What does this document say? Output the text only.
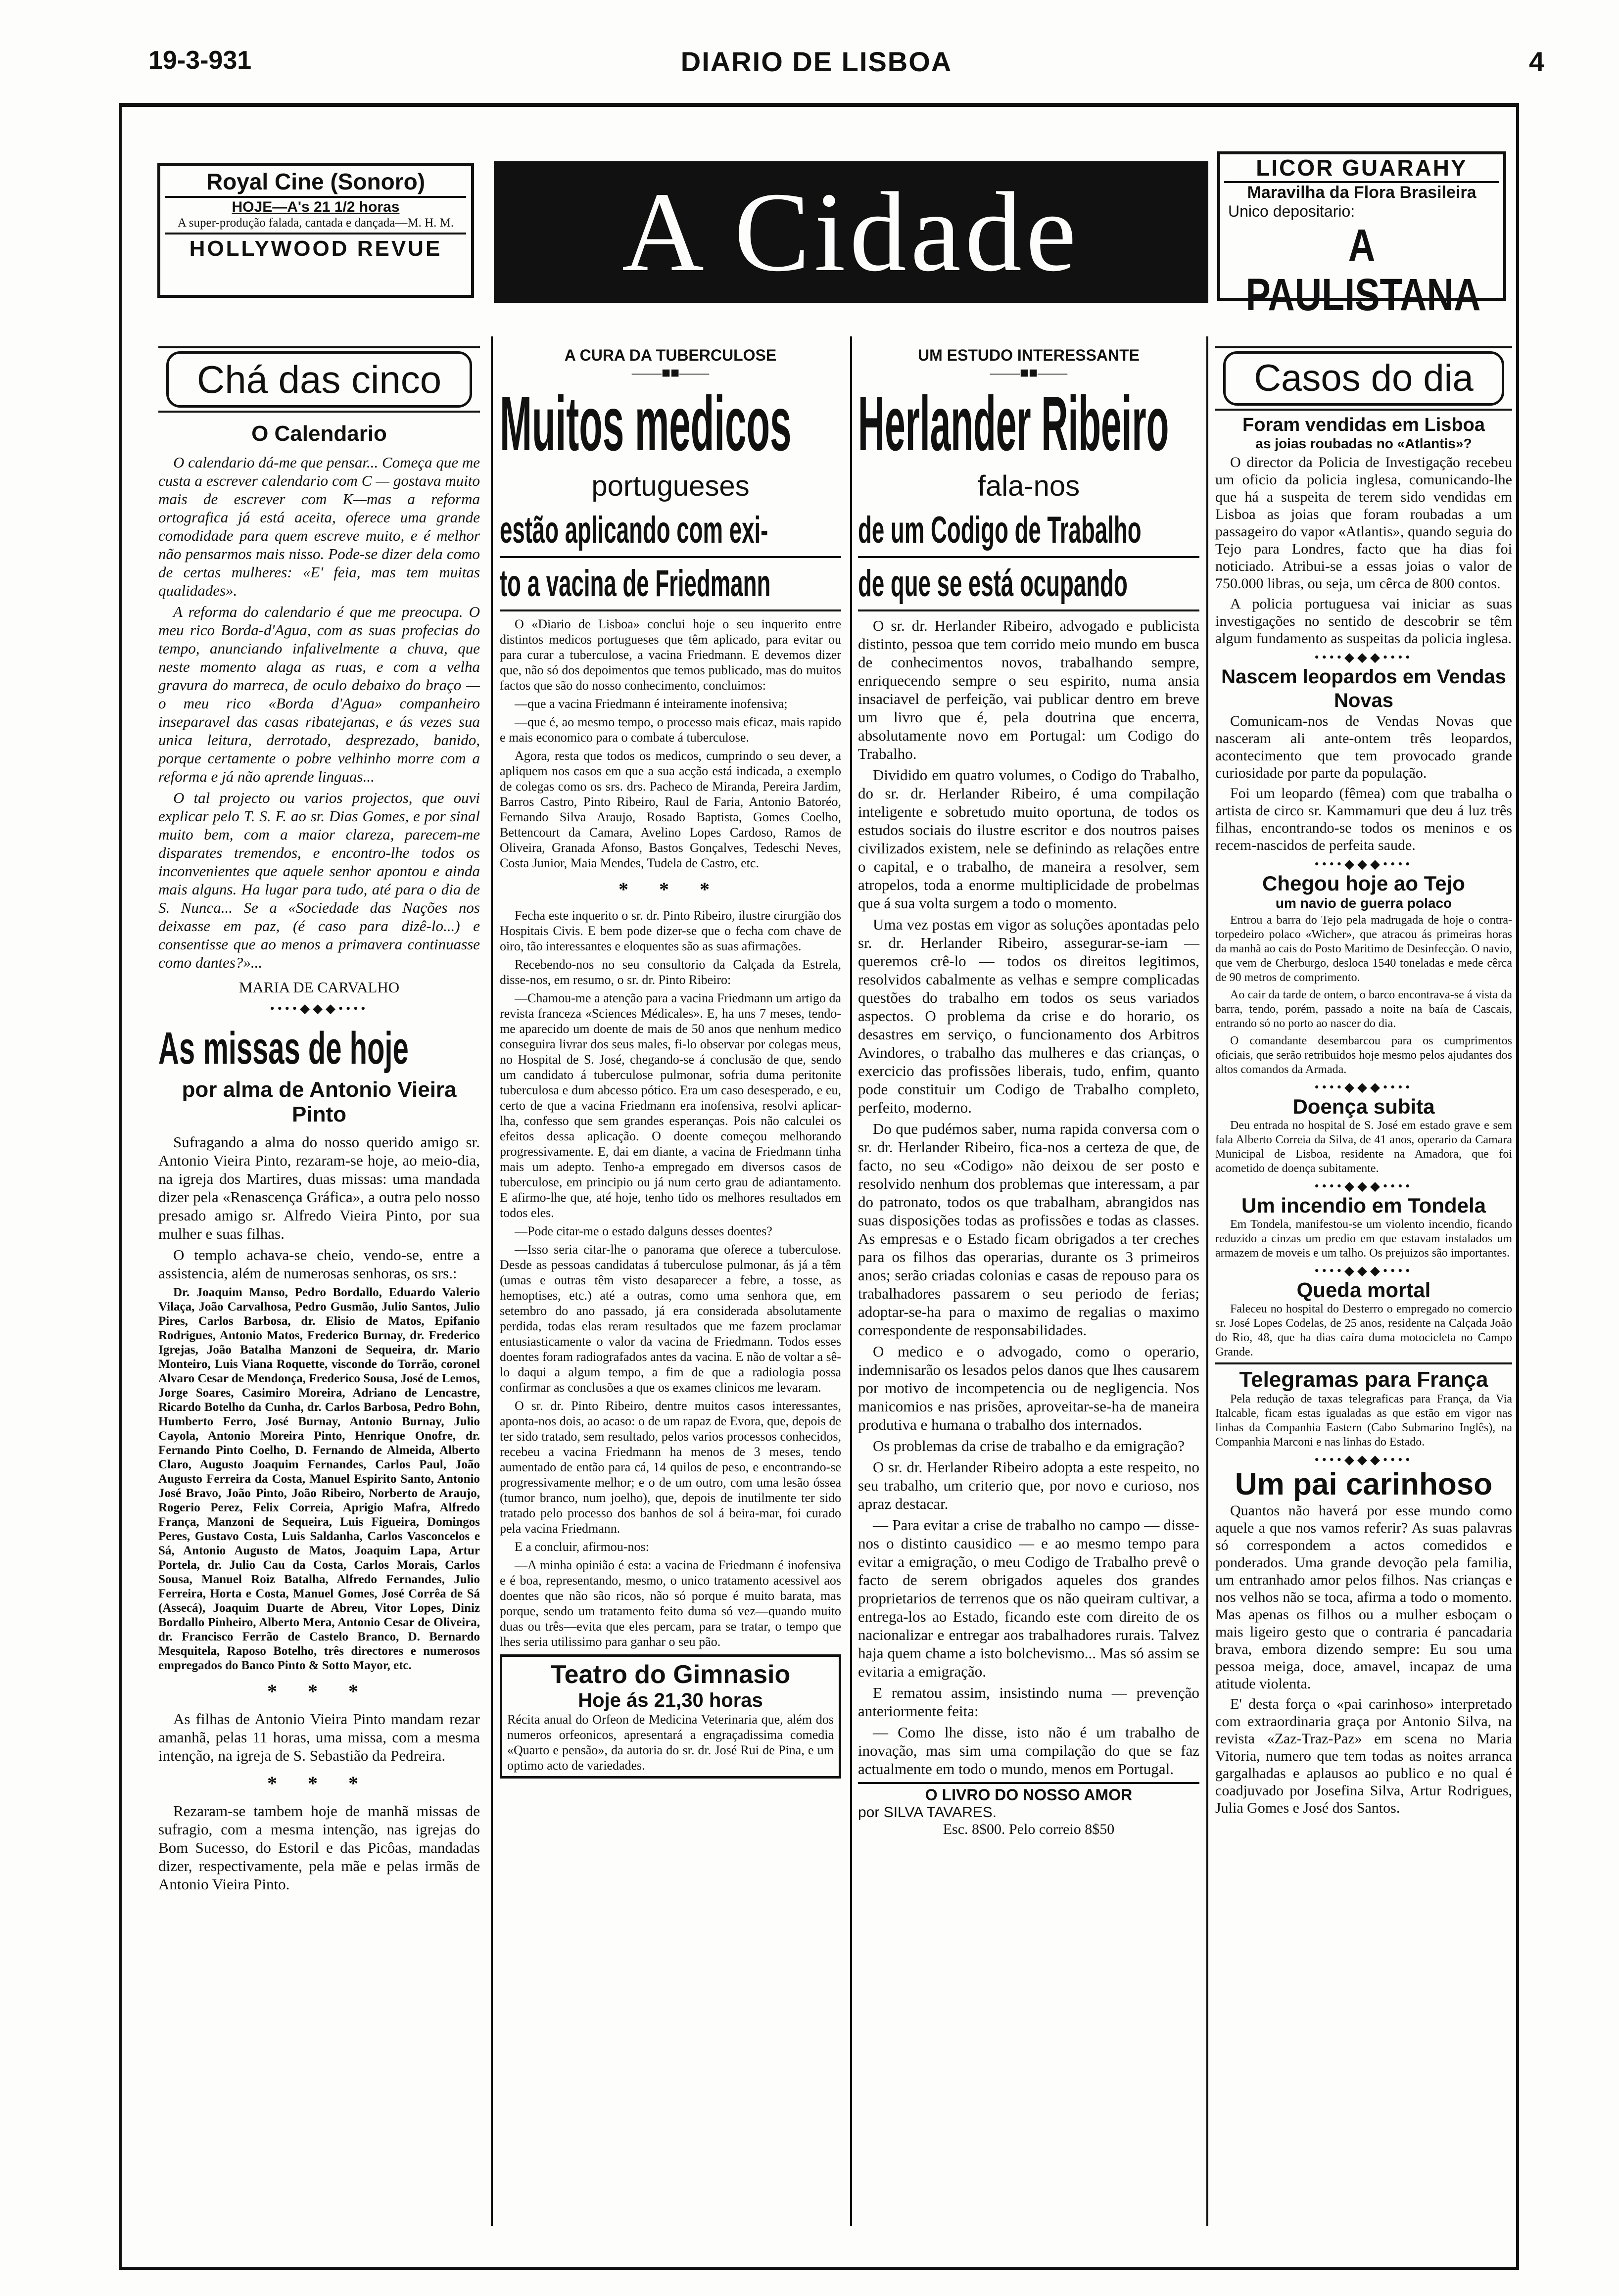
19-3-931	DIARIO DE LISBOA	4
Royal Cine (Sonoro)
HOJE—A's 21 1/2 horas
A super-produção falada, cantada e dançada—M. H. M.
HOLLYWOOD REVUE	A Cidade
LICOR GUARAHY
Maravilha da Flora Brasileira
Unico depositario:
A PAULISTANA
Chá das cinco
O Calendario

O calendario dá-me que pensar... Começa que me custa a escrever calendario com C — gostava muito mais de escrever com K—mas a reforma ortografica já está aceita, oferece uma grande comodidade para quem escreve muito, e é melhor não pensarmos mais nisso. Pode-se dizer dela como de certas mulheres: «E' feia, mas tem muitas qualidades».

A reforma do calendario é que me preocupa. O meu rico Borda-d'Agua, com as suas profecias do tempo, anunciando infalivelmente a chuva, que neste momento alaga as ruas, e com a velha gravura do marreca, de oculo debaixo do braço — o meu rico «Borda d'Agua» companheiro inseparavel das casas ribatejanas, e ás vezes sua unica leitura, derrotado, desprezado, banido, porque certamente o pobre velhinho morre com a reforma e já não aprende linguas...

O tal projecto ou varios projectos, que ouvi explicar pelo T. S. F. ao sr. Dias Gomes, e por sinal muito bem, com a maior clareza, parecem-me disparates tremendos, e encontro-lhe todos os inconvenientes que aquele senhor apontou e ainda mais alguns. Ha lugar para tudo, até para o dia de S. Nunca... Se a «Sociedade das Nações nos deixasse em paz, (é caso para dizê-lo...) e consentisse que ao menos a primavera continuasse como dantes?»...

MARIA DE CARVALHO
••••◆◆◆••••
As missas de hoje
por alma de Antonio Vieira Pinto

Sufragando a alma do nosso querido amigo sr. Antonio Vieira Pinto, rezaram-se hoje, ao meio-dia, na igreja dos Martires, duas missas: uma mandada dizer pela «Renascença Gráfica», a outra pelo nosso presado amigo sr. Alfredo Vieira Pinto, por sua mulher e suas filhas.

O templo achava-se cheio, vendo-se, entre a assistencia, além de numerosas senhoras, os srs.:

Dr. Joaquim Manso, Pedro Bordallo, Eduardo Valerio Vilaça, João Carvalhosa, Pedro Gusmão, Julio Santos, Julio Pires, Carlos Barbosa, dr. Elisio de Matos, Epifanio Rodrigues, Antonio Matos, Frederico Burnay, dr. Frederico Igrejas, João Batalha Manzoni de Sequeira, dr. Mario Monteiro, Luis Viana Roquette, visconde do Torrão, coronel Alvaro Cesar de Mendonça, Frederico Sousa, José de Lemos, Jorge Soares, Casimiro Moreira, Adriano de Lencastre, Ricardo Botelho da Cunha, dr. Carlos Barbosa, Pedro Bohn, Humberto Ferro, José Burnay, Antonio Burnay, Julio Cayola, Antonio Moreira Pinto, Henrique Onofre, dr. Fernando Pinto Coelho, D. Fernando de Almeida, Alberto Claro, Augusto Joaquim Fernandes, Carlos Paul, João Augusto Ferreira da Costa, Manuel Espirito Santo, Antonio José Bravo, João Pinto, João Ribeiro, Norberto de Araujo, Rogerio Perez, Felix Correia, Aprigio Mafra, Alfredo França, Manzoni de Sequeira, Luis Figueira, Domingos Peres, Gustavo Costa, Luis Saldanha, Carlos Vasconcelos e Sá, Antonio Augusto de Matos, Joaquim Lapa, Artur Portela, dr. Julio Cau da Costa, Carlos Morais, Carlos Sousa, Manuel Roiz Batalha, Alfredo Fernandes, Julio Ferreira, Horta e Costa, Manuel Gomes, José Corrêa de Sá (Assecá), Joaquim Duarte de Abreu, Vitor Lopes, Diniz Bordallo Pinheiro, Alberto Mera, Antonio Cesar de Oliveira, dr. Francisco Ferrão de Castelo Branco, D. Bernardo Mesquitela, Raposo Botelho, três directores e numerosos empregados do Banco Pinto & Sotto Mayor, etc.
* * *

As filhas de Antonio Vieira Pinto mandam rezar amanhã, pelas 11 horas, uma missa, com a mesma intenção, na igreja de S. Sebastião da Pedreira.

* * *

Rezaram-se tambem hoje de manhã missas de sufragio, com a mesma intenção, nas igrejas do Bom Sucesso, do Estoril e das Picôas, mandadas dizer, respectivamente, pela mãe e pelas irmãs de Antonio Vieira Pinto.

A CURA DA TUBERCULOSE
——■■——
Muitos medicos
portugueses
estão aplicando com exi-
to a vacina de Friedmann

O «Diario de Lisboa» conclui hoje o seu inquerito entre distintos medicos portugueses que têm aplicado, para evitar ou para curar a tuberculose, a vacina Friedmann. E devemos dizer que, não só dos depoimentos que temos publicado, mas do muitos factos que são do nosso conhecimento, concluimos:

—que a vacina Friedmann é inteiramente inofensiva;

—que é, ao mesmo tempo, o processo mais eficaz, mais rapido e mais economico para o combate á tuberculose.

Agora, resta que todos os medicos, cumprindo o seu dever, a apliquem nos casos em que a sua acção está indicada, a exemplo de colegas como os srs. drs. Pacheco de Miranda, Pereira Jardim, Barros Castro, Pinto Ribeiro, Raul de Faria, Antonio Batoréo, Fernando Silva Araujo, Rosado Baptista, Gomes Coelho, Bettencourt da Camara, Avelino Lopes Cardoso, Ramos de Oliveira, Granada Afonso, Bastos Gonçalves, Tedeschi Neves, Costa Junior, Maia Mendes, Tudela de Castro, etc.

* * *

Fecha este inquerito o sr. dr. Pinto Ribeiro, ilustre cirurgião dos Hospitais Civis. E bem pode dizer-se que o fecha com chave de oiro, tão interessantes e eloquentes são as suas afirmações.

Recebendo-nos no seu consultorio da Calçada da Estrela, disse-nos, em resumo, o sr. dr. Pinto Ribeiro:

—Chamou-me a atenção para a vacina Friedmann um artigo da revista franceza «Sciences Médicales». E, ha uns 7 meses, tendo-me aparecido um doente de mais de 50 anos que nenhum medico conseguira livrar dos seus males, fi-lo observar por colegas meus, no Hospital de S. José, chegando-se á conclusão de que, sendo um candidato á tuberculose pulmonar, sofria duma peritonite tuberculosa e dum abcesso pótico. Era um caso desesperado, e eu, certo de que a vacina Friedmann era inofensiva, resolvi aplicar-lha, confesso que sem grandes esperanças. Pois não calculei os efeitos dessa aplicação. O doente começou melhorando progressivamente. E, dai em diante, a vacina de Friedmann tinha mais um adepto. Tenho-a empregado em diversos casos de tuberculose, em principio ou já num certo grau de adiantamento. E afirmo-lhe que, até hoje, tenho tido os melhores resultados em todos eles.

—Pode citar-me o estado dalguns desses doentes?

—Isso seria citar-lhe o panorama que oferece a tuberculose. Desde as pessoas candidatas á tuberculose pulmonar, ás já a têm (umas e outras têm visto desaparecer a febre, a tosse, as hemoptises, etc.) até a outras, como uma senhora que, em setembro do ano passado, já era considerada absolutamente perdida, todas elas reram resultados que me fazem proclamar entusiasticamente o valor da vacina de Friedmann. Todos esses doentes foram radiografados antes da vacina. E não de voltar a sê-lo daqui a algum tempo, a fim de que a radiologia possa confirmar as conclusões a que os exames clinicos me levaram.

O sr. dr. Pinto Ribeiro, dentre muitos casos interessantes, aponta-nos dois, ao acaso: o de um rapaz de Evora, que, depois de ter sido tratado, sem resultado, pelos varios processos conhecidos, recebeu a vacina Friedmann ha menos de 3 meses, tendo aumentado de então para cá, 14 quilos de peso, e encontrando-se progressivamente melhor; e o de um outro, com uma lesão óssea (tumor branco, num joelho), que, depois de inutilmente ter sido tratado pelo processo dos banhos de sol á beira-mar, foi curado pela vacina Friedmann.

E a concluir, afirmou-nos:

—A minha opinião é esta: a vacina de Friedmann é inofensiva e é boa, representando, mesmo, o unico tratamento acessivel aos doentes que não são ricos, não só porque é muito barata, mas porque, sendo um tratamento feito duma só vez—quando muito duas ou três—evita que eles percam, para se tratar, o tempo que lhes seria utilissimo para ganhar o seu pão.

Teatro do Gimnasio
Hoje ás 21,30 horas
Récita anual do Orfeon de Medicina Veterinaria que, além dos numeros orfeonicos, apresentará a engraçadissima comedia «Quarto e pensão», da autoria do sr. dr. José Rui de Pina, e um optimo acto de variedades.
UM ESTUDO INTERESSANTE
——■■——
Herlander Ribeiro
fala-nos
de um Codigo de Trabalho
de que se está ocupando

O sr. dr. Herlander Ribeiro, advogado e publicista distinto, pessoa que tem corrido meio mundo em busca de conhecimentos novos, trabalhando sempre, enriquecendo sempre o seu espirito, numa ansia insaciavel de perfeição, vai publicar dentro em breve um livro que é, pela doutrina que encerra, absolutamente novo em Portugal: um Codigo do Trabalho.

Dividido em quatro volumes, o Codigo do Trabalho, do sr. dr. Herlander Ribeiro, é uma compilação inteligente e sobretudo muito oportuna, de todos os estudos sociais do ilustre escritor e dos noutros paises civilizados existem, nele se definindo as relações entre o capital, e o trabalho, de maneira a resolver, sem atropelos, toda a enorme multiplicidade de probelmas que á sua volta surgem a todo o momento.

Uma vez postas em vigor as soluções apontadas pelo sr. dr. Herlander Ribeiro, assegurar-se-iam — queremos crê-lo — todos os direitos legitimos, resolvidos cabalmente as velhas e sempre complicadas questões do trabalho em todos os seus variados aspectos. O problema da crise e do horario, os desastres em serviço, o funcionamento dos Arbitros Avindores, o trabalho das mulheres e das crianças, o exercicio das profissões liberais, tudo, enfim, quanto pode constituir um Codigo de Trabalho completo, perfeito, moderno.

Do que pudémos saber, numa rapida conversa com o sr. dr. Herlander Ribeiro, fica-nos a certeza de que, de facto, no seu «Codigo» não deixou de ser posto e resolvido nenhum dos problemas que interessam, a par do patronato, todos os que trabalham, abrangidos nas suas disposições todas as profissões e todas as classes. As empresas e o Estado ficam obrigados a ter creches para os filhos das operarias, durante os 3 primeiros anos; serão criadas colonias e casas de repouso para os trabalhadores passarem o seu periodo de ferias; adoptar-se-ha para o maximo de regalias o maximo correspondente de responsabilidades.

O medico e o advogado, como o operario, indemnisarão os lesados pelos danos que lhes causarem por motivo de incompetencia ou de negligencia. Nos manicomios e nas prisões, aproveitar-se-ha de maneira produtiva e humana o trabalho dos internados.

Os problemas da crise de trabalho e da emigração?

O sr. dr. Herlander Ribeiro adopta a este respeito, no seu trabalho, um criterio que, por novo e curioso, nos apraz destacar.

— Para evitar a crise de trabalho no campo — disse-nos o distinto causidico — e ao mesmo tempo para evitar a emigração, o meu Codigo de Trabalho prevê o facto de serem obrigados aqueles dos grandes proprietarios de terrenos que os não queiram cultivar, a entrega-los ao Estado, ficando este com direito de os nacionalizar e entregar aos trabalhadores rurais. Talvez haja quem chame a isto bolchevismo... Mas só assim se evitaria a emigração.

E rematou assim, insistindo numa — prevenção anteriormente feita:

— Como lhe disse, isto não é um trabalho de inovação, mas sim uma compilação do que se faz actualmente em todo o mundo, menos em Portugal.

O LIVRO DO NOSSO AMOR
por SILVA TAVARES.
Esc. 8$00. Pelo correio 8$50
Casos do dia
Foram vendidas em Lisboa
as joias roubadas no «Atlantis»?

O director da Policia de Investigação recebeu um oficio da policia inglesa, comunicando-lhe que há a suspeita de terem sido vendidas em Lisboa as joias que foram roubadas a um passageiro do vapor «Atlantis», quando seguia do Tejo para Londres, facto que ha dias foi noticiado. Atribui-se a essas joias o valor de 750.000 libras, ou seja, um cêrca de 800 contos.

A policia portuguesa vai iniciar as suas investigações no sentido de descobrir se têm algum fundamento as suspeitas da policia inglesa.

••••◆◆◆••••
Nascem leopardos em Vendas Novas

Comunicam-nos de Vendas Novas que nasceram ali ante-ontem três leopardos, acontecimento que tem provocado grande curiosidade por parte da população.

Foi um leopardo (fêmea) com que trabalha o artista de circo sr. Kammamuri que deu á luz três filhas, encontrando-se todos os meninos e os recem-nascidos de perfeita saude.

••••◆◆◆••••
Chegou hoje ao Tejo
um navio de guerra polaco

Entrou a barra do Tejo pela madrugada de hoje o contra-torpedeiro polaco «Wicher», que atracou ás primeiras horas da manhã ao cais do Posto Maritimo de Desinfecção. O navio, que vem de Cherburgo, desloca 1540 toneladas e mede cêrca de 90 metros de comprimento.

Ao cair da tarde de ontem, o barco encontrava-se á vista da barra, tendo, porém, passado a noite na baía de Cascais, entrando só no porto ao nascer do dia.

O comandante desembarcou para os cumprimentos oficiais, que serão retribuidos hoje mesmo pelos ajudantes dos altos comandos da Armada.

••••◆◆◆••••
Doença subita

Deu entrada no hospital de S. José em estado grave e sem fala Alberto Correia da Silva, de 41 anos, operario da Camara Municipal de Lisboa, residente na Amadora, que foi acometido de doença subitamente.

••••◆◆◆••••
Um incendio em Tondela

Em Tondela, manifestou-se um violento incendio, ficando reduzido a cinzas um predio em que estavam instalados um armazem de moveis e um talho. Os prejuizos são importantes.

••••◆◆◆••••
Queda mortal

Faleceu no hospital do Desterro o empregado no comercio sr. José Lopes Codelas, de 25 anos, residente na Calçada João do Rio, 48, que ha dias caíra duma motocicleta no Campo Grande.

Telegramas para França

Pela redução de taxas telegraficas para França, da Via Italcable, ficam estas igualadas as que estão em vigor nas linhas da Companhia Eastern (Cabo Submarino Inglês), na Companhia Marconi e nas linhas do Estado.

••••◆◆◆••••
Um pai carinhoso

Quantos não haverá por esse mundo como aquele a que nos vamos referir? As suas palavras só correspondem a actos comedidos e ponderados. Uma grande devoção pela familia, um entranhado amor pelos filhos. Nas crianças e nos velhos não se toca, afirma a todo o momento. Mas apenas os filhos ou a mulher esboçam o mais ligeiro gesto que o contraria é pancadaria brava, embora dizendo sempre: Eu sou uma pessoa meiga, doce, amavel, incapaz de uma atitude violenta.

E' desta força o «pai carinhoso» interpretado com extraordinaria graça por Antonio Silva, na revista «Zaz-Traz-Paz» em scena no Maria Vitoria, numero que tem todas as noites arranca gargalhadas e aplausos ao publico e no qual é coadjuvado por Josefina Silva, Artur Rodrigues, Julia Gomes e José dos Santos.
